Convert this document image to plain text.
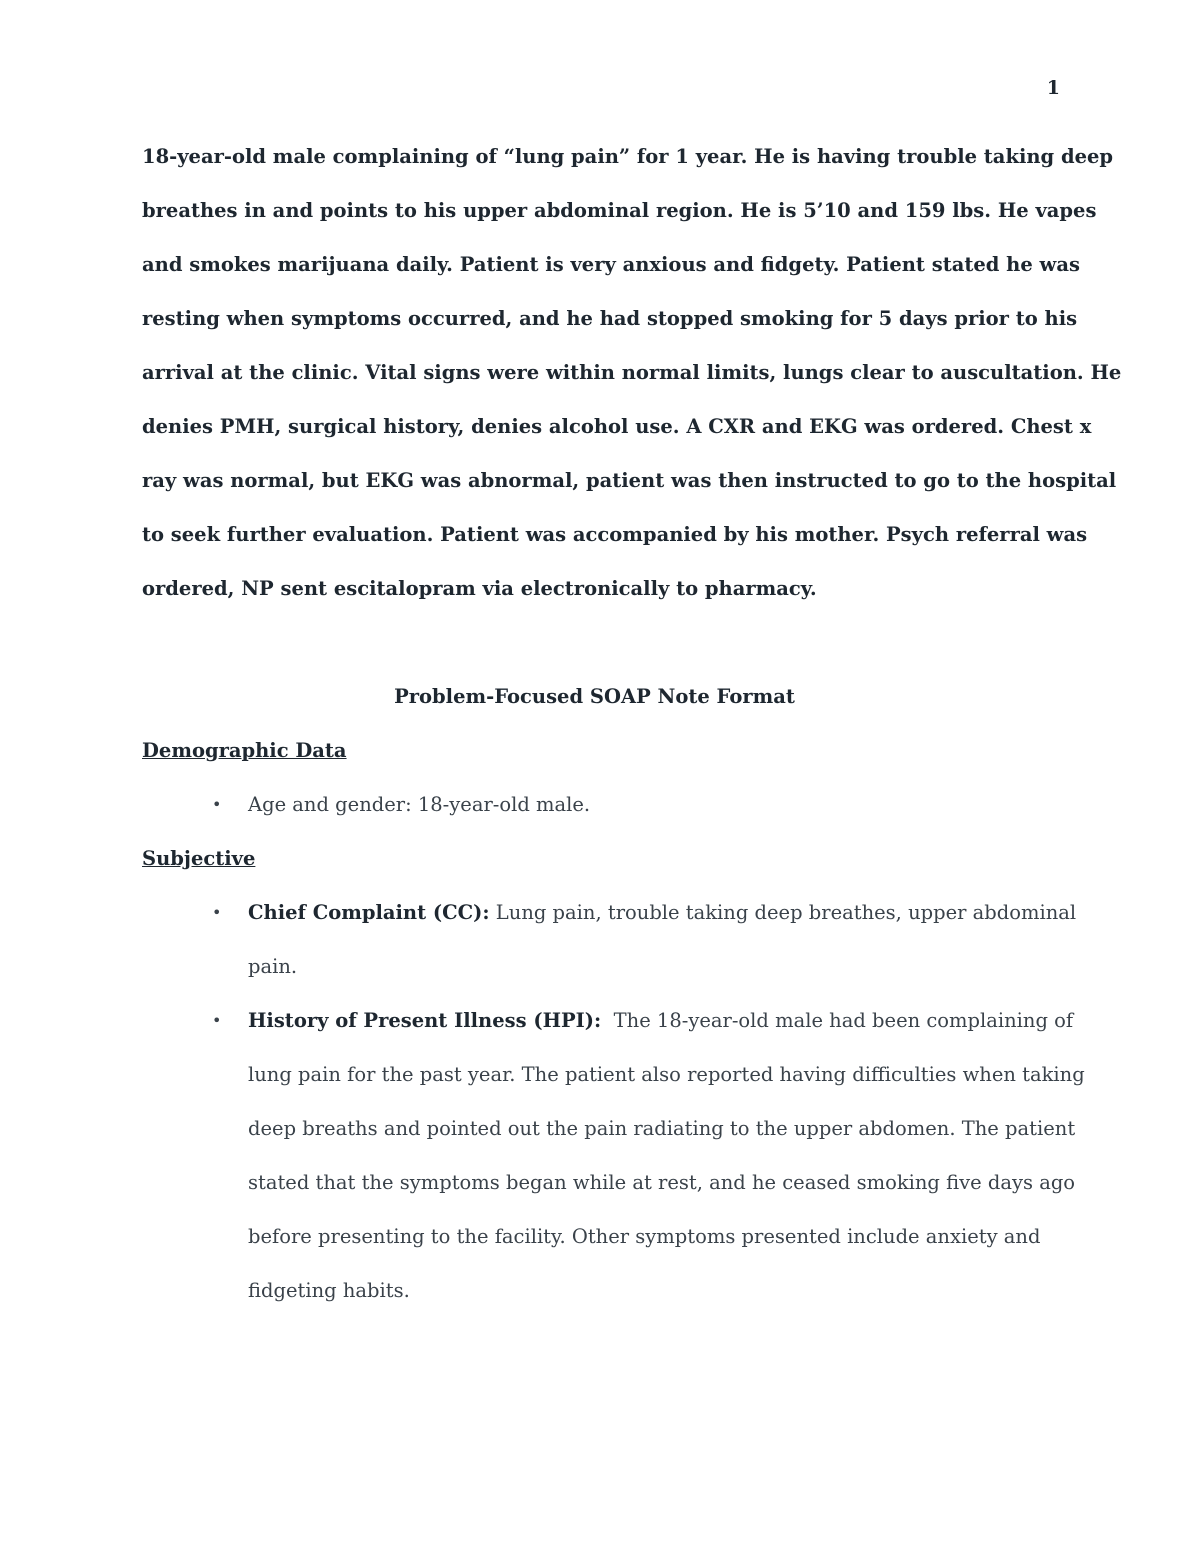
1
18-year-old male complaining of “lung pain” for 1 year. He is having trouble taking deep
breathes in and points to his upper abdominal region. He is 5’10 and 159 lbs. He vapes
and smokes marijuana daily. Patient is very anxious and fidgety. Patient stated he was
resting when symptoms occurred, and he had stopped smoking for 5 days prior to his
arrival at the clinic. Vital signs were within normal limits, lungs clear to auscultation. He
denies PMH, surgical history, denies alcohol use. A CXR and EKG was ordered. Chest x
ray was normal, but EKG was abnormal, patient was then instructed to go to the hospital
to seek further evaluation. Patient was accompanied by his mother. Psych referral was
ordered, NP sent escitalopram via electronically to pharmacy.
Problem-Focused SOAP Note Format
Demographic Data
• Age and gender: 18-year-old male.
Subjective
• Chief Complaint (CC): Lung pain, trouble taking deep breathes, upper abdominal
pain.
• History of Present Illness (HPI):  The 18-year-old male had been complaining of
lung pain for the past year. The patient also reported having difficulties when taking
deep breaths and pointed out the pain radiating to the upper abdomen. The patient
stated that the symptoms began while at rest, and he ceased smoking five days ago
before presenting to the facility. Other symptoms presented include anxiety and
fidgeting habits.
